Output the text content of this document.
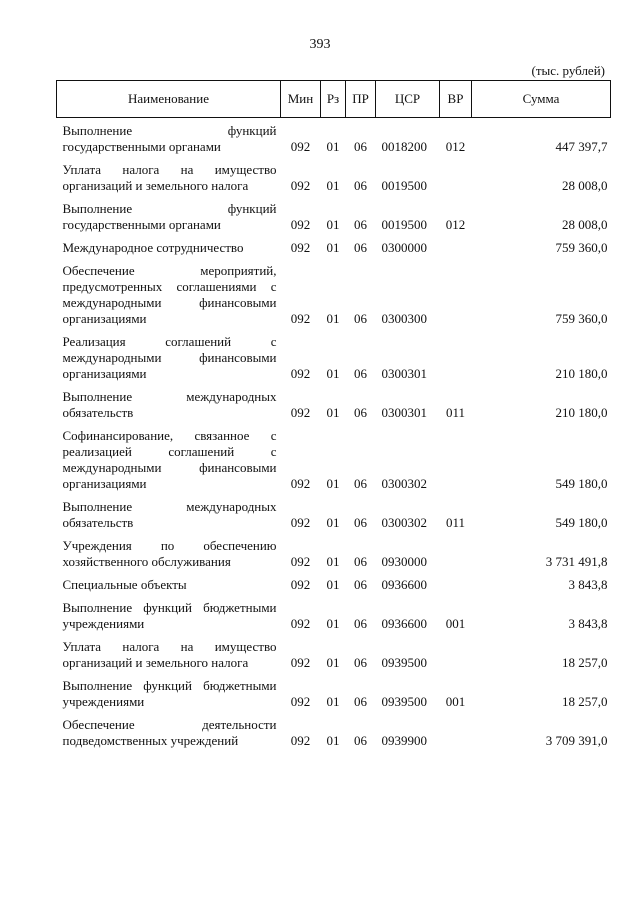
393
(тыс. рублей)
Наименование	Мин	Рз	ПР	ЦСР	ВР	Сумма
Выполнение функций государственными органами	092	01	06	0018200	012	447 397,7
Уплата налога на имущество организаций и земельного налога	092	01	06	0019500		28 008,0
Выполнение функций государственными органами	092	01	06	0019500	012	28 008,0
Международное сотрудничество	092	01	06	0300000		759 360,0
Обеспечение мероприятий, предусмотренных соглашениями с международными финансовыми организациями	092	01	06	0300300		759 360,0
Реализация соглашений с международными финансовыми организациями	092	01	06	0300301		210 180,0
Выполнение международных обязательств	092	01	06	0300301	011	210 180,0
Софинансирование, связанное с реализацией соглашений с международными финансовыми организациями	092	01	06	0300302		549 180,0
Выполнение международных обязательств	092	01	06	0300302	011	549 180,0
Учреждения по обеспечению хозяйственного обслуживания	092	01	06	0930000		3 731 491,8
Специальные объекты	092	01	06	0936600		3 843,8
Выполнение функций бюджетными учреждениями	092	01	06	0936600	001	3 843,8
Уплата налога на имущество организаций и земельного налога	092	01	06	0939500		18 257,0
Выполнение функций бюджетными учреждениями	092	01	06	0939500	001	18 257,0
Обеспечение деятельности подведомственных учреждений	092	01	06	0939900		3 709 391,0
